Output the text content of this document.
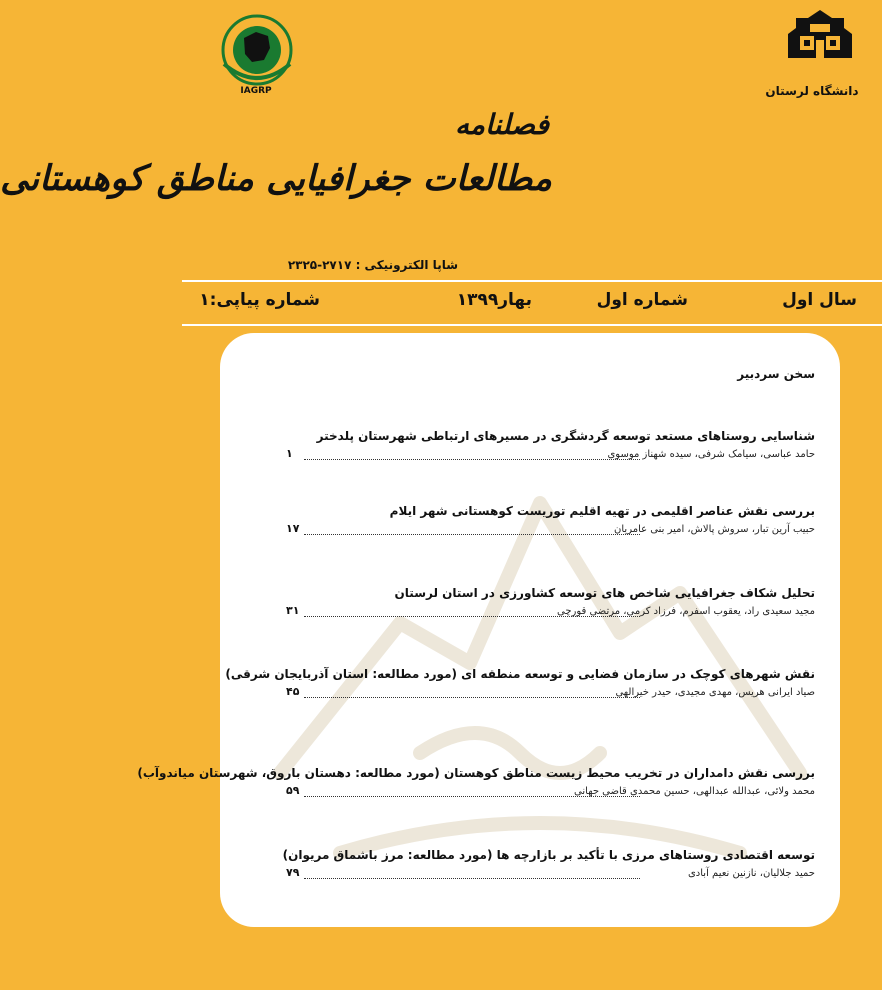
دانشگاه لرستان
IAGRP
فصلنامه
مطالعات جغرافیایی مناطق کوهستانی
شاپا الکترونیکی : ۲۷۱۷-۲۳۲۵
سال اول
شماره اول
بهار۱۳۹۹
شماره پیاپی:۱
سخن سردبیر
شناسایی روستاهای مستعد توسعه گردشگری در مسیرهای ارتباطی شهرستان پلدختر
حامد عباسی، سیامک شرفی، سیده شهناز موسوی
۱
بررسی نقش عناصر اقلیمی در تهیه اقلیم توریست کوهستانی شهر ایلام
حبیب آرین تبار، سروش پالاش، امیر بنی عامریان
۱۷
تحلیل شکاف جغرافیایی شاخص های توسعه کشاورزی در استان لرستان
مجید سعیدی راد، یعقوب اسفرم، فرزاد کرمی، مرتضی قورچی
۳۱
نقش شهرهای کوچک در سازمان فضایی و توسعه منطقه ای (مورد مطالعه: استان آذربایجان شرقی)
صیاد ایرانی هریس، مهدی مجیدی، حیدر خیرالهی
۴۵
بررسی نقش دامداران در تخریب محیط زیست مناطق کوهستان (مورد مطالعه: دهستان باروق، شهرستان میاندوآب)
محمد ولائی، عبدالله عبدالهی، حسین محمدی قاضی جهانی
۵۹
توسعه اقتصادی روستاهای مرزی با تأکید بر بازارچه ها (مورد مطالعه: مرز باشماق مریوان)
حمید جلالیان، نازنین نعیم آبادی
۷۹
